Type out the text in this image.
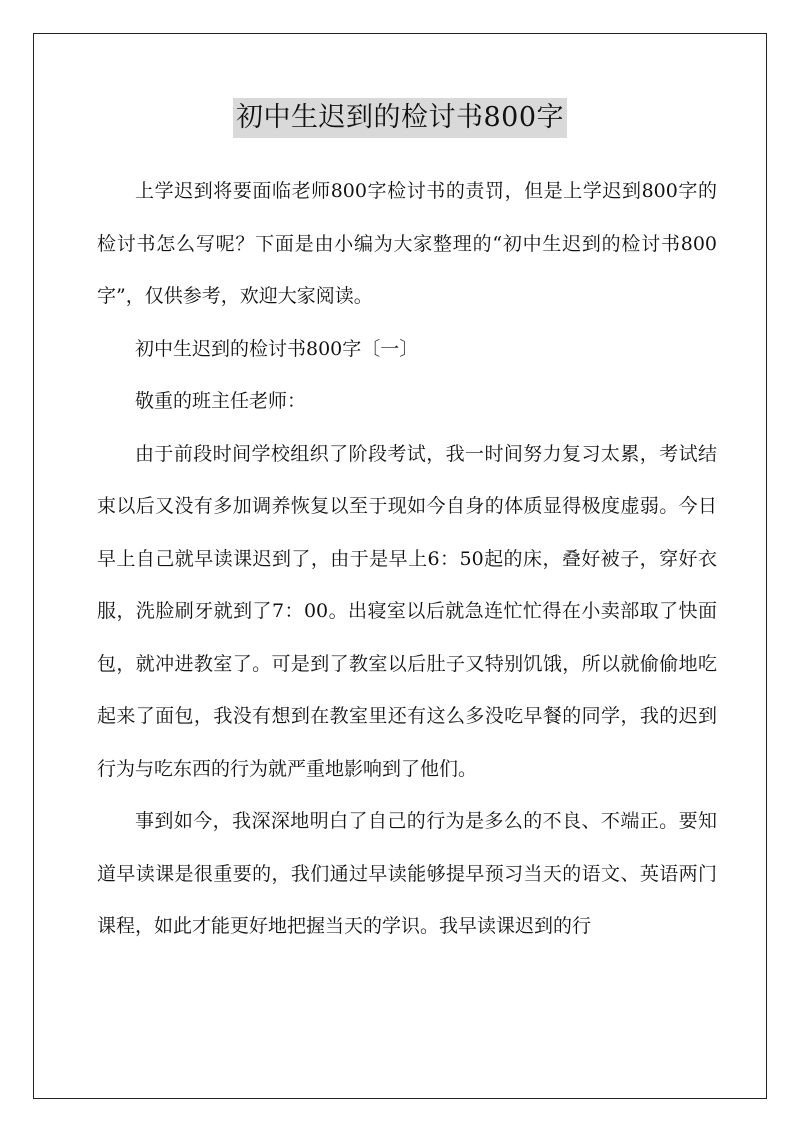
初中生迟到的检讨书800字

上学迟到将要面临老师800字检讨书的责罚，但是上学迟到800字的检讨书怎么写呢？下面是由小编为大家整理的“初中生迟到的检讨书800字”，仅供参考，欢迎大家阅读。

初中生迟到的检讨书800字〔一〕

敬重的班主任老师：

由于前段时间学校组织了阶段考试，我一时间努力复习太累，考试结束以后又没有多加调养恢复以至于现如今自身的体质显得极度虚弱。今日早上自己就早读课迟到了，由于是早上6：50起的床，叠好被子，穿好衣服，洗脸刷牙就到了7：00。出寝室以后就急连忙忙得在小卖部取了快面包，就冲进教室了。可是到了教室以后肚子又特别饥饿，所以就偷偷地吃起来了面包，我没有想到在教室里还有这么多没吃早餐的同学，我的迟到行为与吃东西的行为就严重地影响到了他们。

事到如今，我深深地明白了自己的行为是多么的不良、不端正。要知道早读课是很重要的，我们通过早读能够提早预习当天的语文、英语两门课程，如此才能更好地把握当天的学识。我早读课迟到的行
